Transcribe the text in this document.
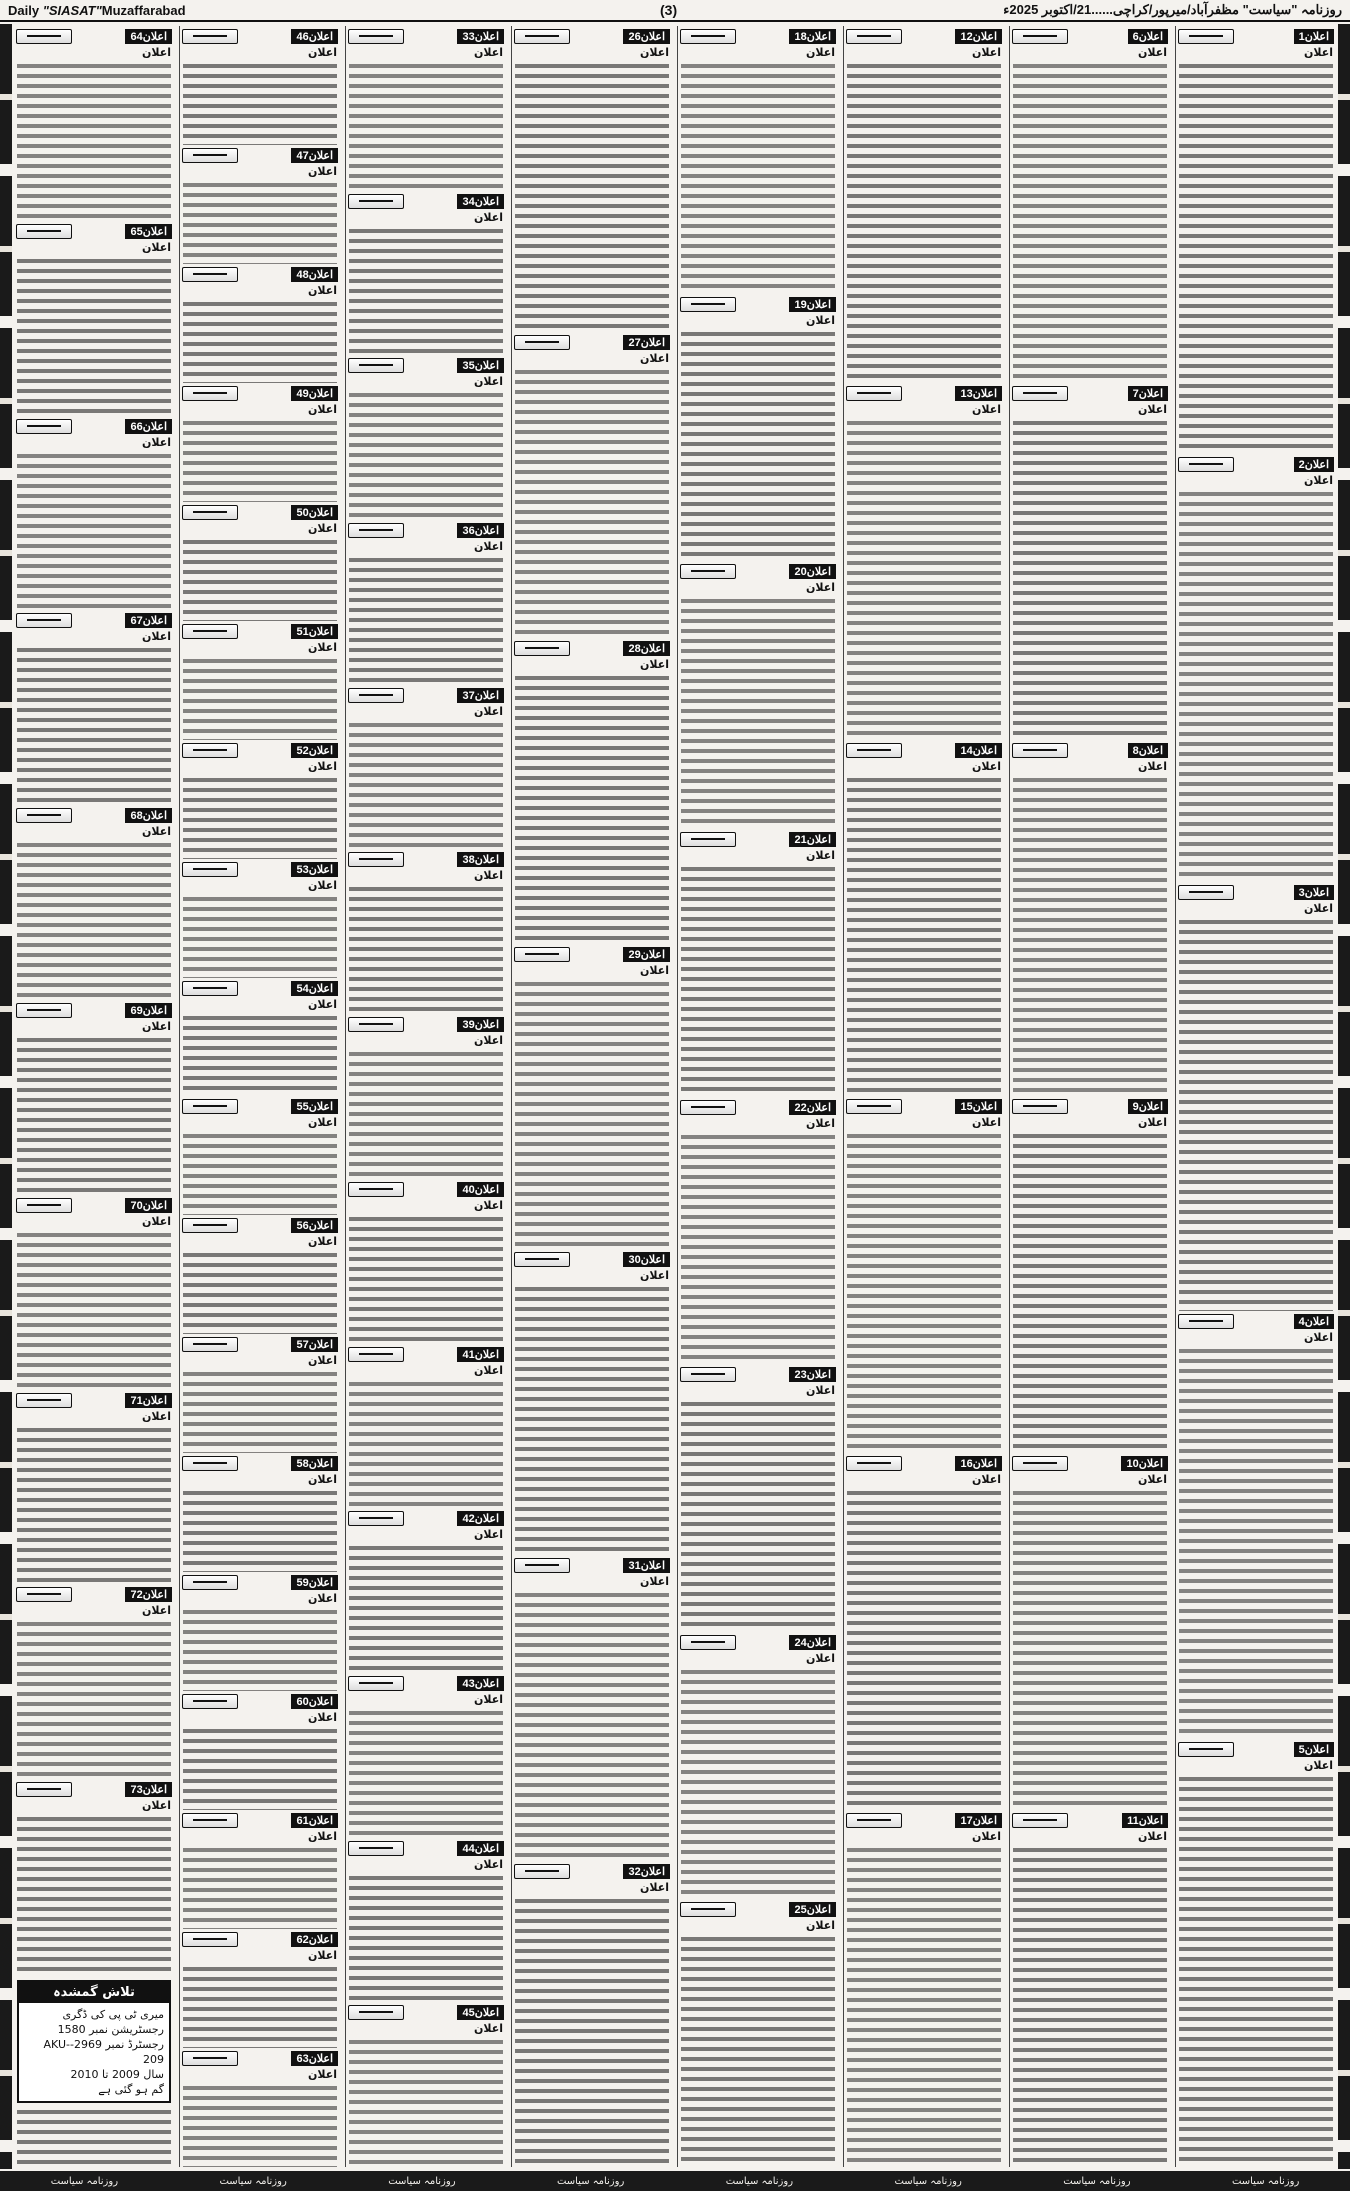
Daily "SIASAT"Muzaffarabad	(3)	روزنامہ "سیاست" مظفرآباد/میرپور/کراچی......21/اکتوبر 2025ء
1اعلان
اعلان
2اعلان
اعلان
3اعلان
اعلان
4اعلان
اعلان
5اعلان
اعلان
6اعلان
اعلان
7اعلان
اعلان
8اعلان
اعلان
9اعلان
اعلان
10اعلان
اعلان
11اعلان
اعلان
12اعلان
اعلان
13اعلان
اعلان
14اعلان
اعلان
15اعلان
اعلان
16اعلان
اعلان
17اعلان
اعلان
18اعلان
اعلان
19اعلان
اعلان
20اعلان
اعلان
21اعلان
اعلان
22اعلان
اعلان
23اعلان
اعلان
24اعلان
اعلان
25اعلان
اعلان
26اعلان
اعلان
27اعلان
اعلان
28اعلان
اعلان
29اعلان
اعلان
30اعلان
اعلان
31اعلان
اعلان
32اعلان
اعلان
33اعلان
اعلان
34اعلان
اعلان
35اعلان
اعلان
36اعلان
اعلان
37اعلان
اعلان
38اعلان
اعلان
39اعلان
اعلان
40اعلان
اعلان
41اعلان
اعلان
42اعلان
اعلان
43اعلان
اعلان
44اعلان
اعلان
45اعلان
اعلان
46اعلان
اعلان
47اعلان
اعلان
48اعلان
اعلان
49اعلان
اعلان
50اعلان
اعلان
51اعلان
اعلان
52اعلان
اعلان
53اعلان
اعلان
54اعلان
اعلان
55اعلان
اعلان
56اعلان
اعلان
57اعلان
اعلان
58اعلان
اعلان
59اعلان
اعلان
60اعلان
اعلان
61اعلان
اعلان
62اعلان
اعلان
63اعلان
اعلان
64اعلان
اعلان
65اعلان
اعلان
66اعلان
اعلان
67اعلان
اعلان
68اعلان
اعلان
69اعلان
اعلان
70اعلان
اعلان
71اعلان
اعلان
72اعلان
اعلان
73اعلان
اعلان
تلاش گمشدہ
میری ٹی پی کی ڈگری رجسٹریشن نمبر 1580
رجسٹرڈ نمبر 2969-AKU-209
سال 2009 تا 2010
گم ہو گئی ہے
روزنامہ سیاست	روزنامہ سیاست	روزنامہ سیاست	روزنامہ سیاست	روزنامہ سیاست	روزنامہ سیاست	روزنامہ سیاست	روزنامہ سیاست
